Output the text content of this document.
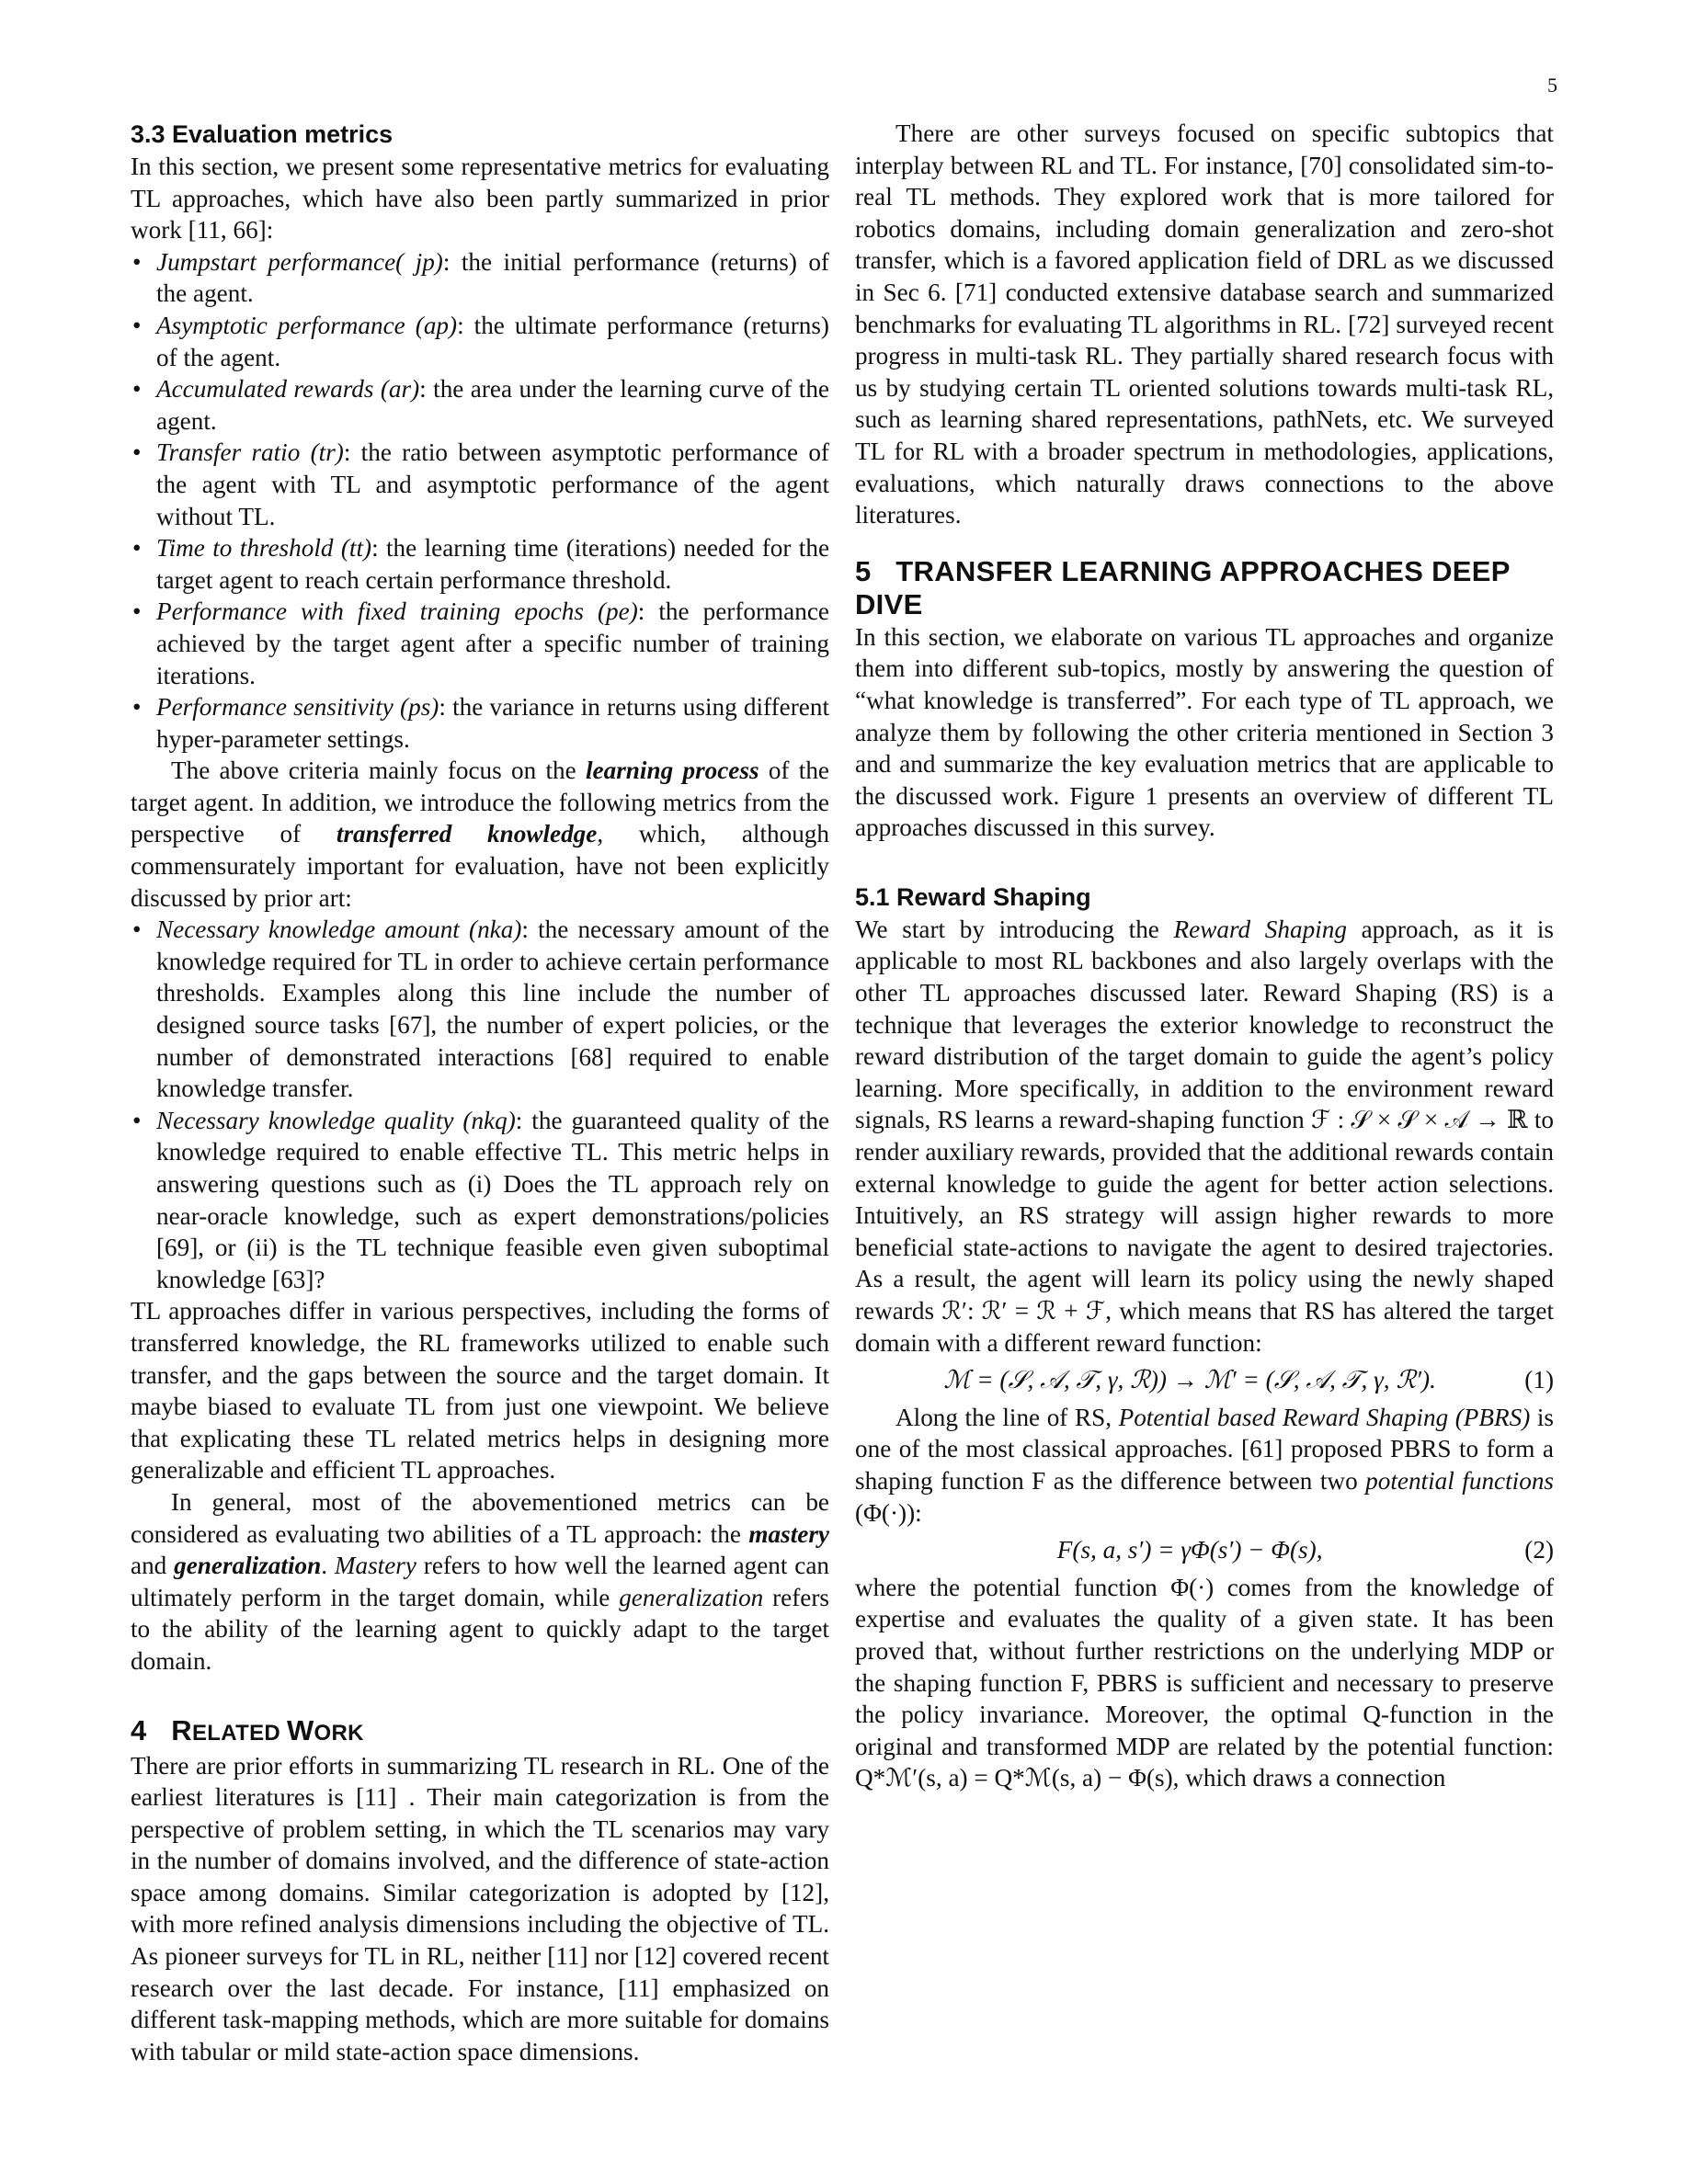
5
3.3 Evaluation metrics

In this section, we present some representative metrics for evaluating TL approaches, which have also been partly summarized in prior work [11, 66]:

• Jumpstart performance( jp): the initial performance (returns) of the agent.
• Asymptotic performance (ap): the ultimate performance (returns) of the agent.
• Accumulated rewards (ar): the area under the learning curve of the agent.
• Transfer ratio (tr): the ratio between asymptotic performance of the agent with TL and asymptotic performance of the agent without TL.
• Time to threshold (tt): the learning time (iterations) needed for the target agent to reach certain performance threshold.
• Performance with fixed training epochs (pe): the performance achieved by the target agent after a specific number of training iterations.
• Performance sensitivity (ps): the variance in returns using different hyper-parameter settings.

The above criteria mainly focus on the learning process of the target agent. In addition, we introduce the following metrics from the perspective of transferred knowledge, which, although commensurately important for evaluation, have not been explicitly discussed by prior art:

• Necessary knowledge amount (nka): the necessary amount of the knowledge required for TL in order to achieve certain performance thresholds. Examples along this line include the number of designed source tasks [67], the number of expert policies, or the number of demonstrated interactions [68] required to enable knowledge transfer.
• Necessary knowledge quality (nkq): the guaranteed quality of the knowledge required to enable effective TL. This metric helps in answering questions such as (i) Does the TL approach rely on near-oracle knowledge, such as expert demonstrations/policies [69], or (ii) is the TL technique feasible even given suboptimal knowledge [63]?

TL approaches differ in various perspectives, including the forms of transferred knowledge, the RL frameworks utilized to enable such transfer, and the gaps between the source and the target domain. It maybe biased to evaluate TL from just one viewpoint. We believe that explicating these TL related metrics helps in designing more generalizable and efficient TL approaches.

In general, most of the abovementioned metrics can be considered as evaluating two abilities of a TL approach: the mastery and generalization. Mastery refers to how well the learned agent can ultimately perform in the target domain, while generalization refers to the ability of the learning agent to quickly adapt to the target domain.

4 RELATED WORK

There are prior efforts in summarizing TL research in RL. One of the earliest literatures is [11] . Their main categorization is from the perspective of problem setting, in which the TL scenarios may vary in the number of domains involved, and the difference of state-action space among domains. Similar categorization is adopted by [12], with more refined analysis dimensions including the objective of TL. As pioneer surveys for TL in RL, neither [11] nor [12] covered recent research over the last decade. For instance, [11] emphasized on different task-mapping methods, which are more suitable for domains with tabular or mild state-action space dimensions.

There are other surveys focused on specific subtopics that interplay between RL and TL. For instance, [70] consolidated sim-to-real TL methods. They explored work that is more tailored for robotics domains, including domain generalization and zero-shot transfer, which is a favored application field of DRL as we discussed in Sec 6. [71] conducted extensive database search and summarized benchmarks for evaluating TL algorithms in RL. [72] surveyed recent progress in multi-task RL. They partially shared research focus with us by studying certain TL oriented solutions towards multi-task RL, such as learning shared representations, pathNets, etc. We surveyed TL for RL with a broader spectrum in methodologies, applications, evaluations, which naturally draws connections to the above literatures.

5 TRANSFER LEARNING APPROACHES DEEP DIVE

In this section, we elaborate on various TL approaches and organize them into different sub-topics, mostly by answering the question of “what knowledge is transferred”. For each type of TL approach, we analyze them by following the other criteria mentioned in Section 3 and and summarize the key evaluation metrics that are applicable to the discussed work. Figure 1 presents an overview of different TL approaches discussed in this survey.

5.1 Reward Shaping

We start by introducing the Reward Shaping approach, as it is applicable to most RL backbones and also largely overlaps with the other TL approaches discussed later. Reward Shaping (RS) is a technique that leverages the exterior knowledge to reconstruct the reward distribution of the target domain to guide the agent’s policy learning. More specifically, in addition to the environment reward signals, RS learns a reward-shaping function ℱ : 𝒮 × 𝒮 × 𝒜 → ℝ to render auxiliary rewards, provided that the additional rewards contain external knowledge to guide the agent for better action selections. Intuitively, an RS strategy will assign higher rewards to more beneficial state-actions to navigate the agent to desired trajectories. As a result, the agent will learn its policy using the newly shaped rewards ℛ′: ℛ′ = ℛ + ℱ, which means that RS has altered the target domain with a different reward function:

ℳ = (𝒮, 𝒜, 𝒯, γ, ℛ)) → ℳ′ = (𝒮, 𝒜, 𝒯, γ, ℛ′).	(1)

Along the line of RS, Potential based Reward Shaping (PBRS) is one of the most classical approaches. [61] proposed PBRS to form a shaping function F as the difference between two potential functions (Φ(·)):

F(s, a, s′) = γΦ(s′) − Φ(s),	(2)

where the potential function Φ(·) comes from the knowledge of expertise and evaluates the quality of a given state. It has been proved that, without further restrictions on the underlying MDP or the shaping function F, PBRS is sufficient and necessary to preserve the policy invariance. Moreover, the optimal Q-function in the original and transformed MDP are related by the potential function: Q*ℳ′(s, a) = Q*ℳ(s, a) − Φ(s), which draws a connection
